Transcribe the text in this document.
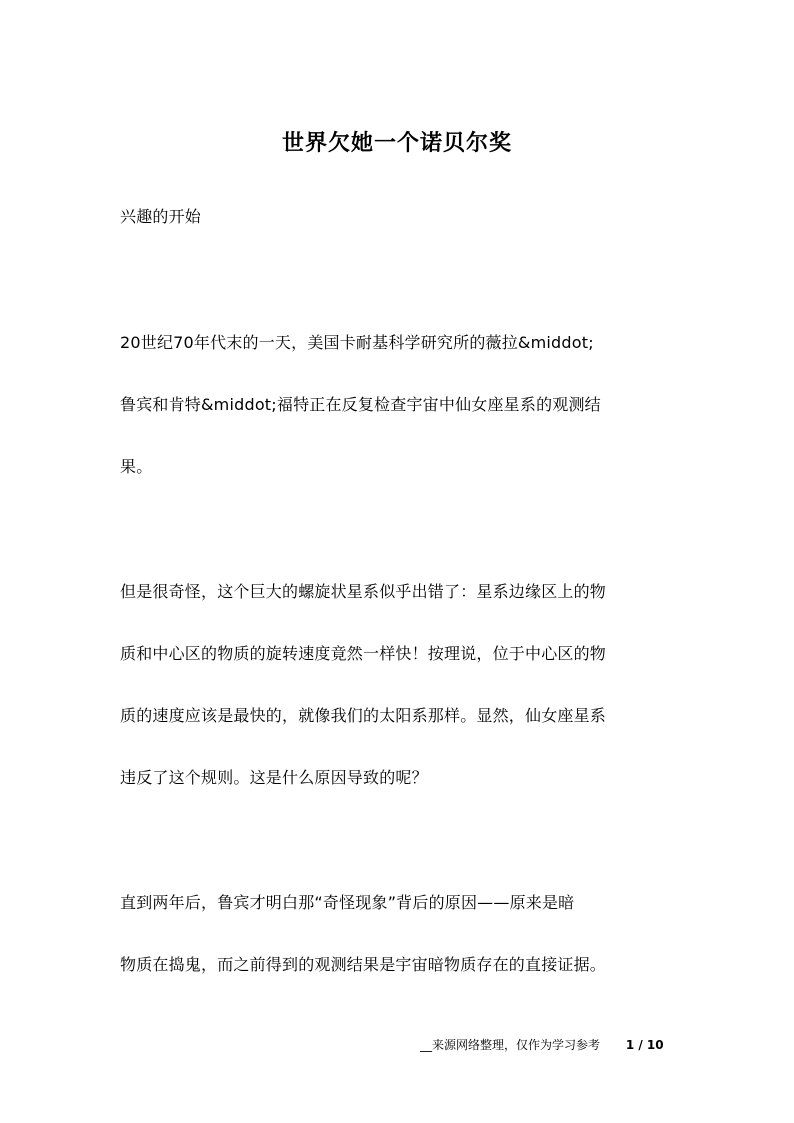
世界欠她一个诺贝尔奖
兴趣的开始
20世纪70年代末的一天，美国卡耐基科学研究所的薇拉&middot;
鲁宾和肯特&middot;福特正在反复检查宇宙中仙女座星系的观测结
果。
但是很奇怪，这个巨大的螺旋状星系似乎出错了：星系边缘区上的物
质和中心区的物质的旋转速度竟然一样快！按理说，位于中心区的物
质的速度应该是最快的，就像我们的太阳系那样。显然，仙女座星系
违反了这个规则。这是什么原因导致的呢？
直到两年后，鲁宾才明白那“奇怪现象”背后的原因——原来是暗
物质在捣鬼，而之前得到的观测结果是宇宙暗物质存在的直接证据。
__来源网络整理，仅作为学习参考 1 / 10
